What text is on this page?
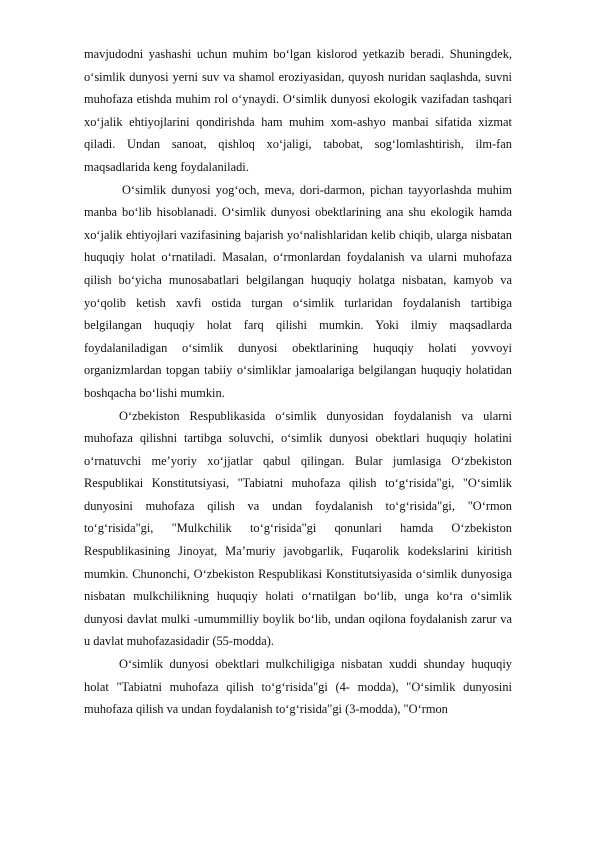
mavjudodni yashashi uchun muhim bo‘lgan kislorod yetkazib beradi. Shuningdek, o‘simlik dunyosi yerni suv va shamol eroziyasidan, quyosh nuridan saqlashda, suvni muhofaza etishda muhim rol o‘ynaydi. O‘simlik dunyosi ekologik vazifadan tashqari xo‘jalik ehtiyojlarini qondirishda ham muhim xom-ashyo manbai sifatida xizmat qiladi. Undan sanoat, qishloq xo‘jaligi, tabobat, sog‘lomlashtirish, ilm-fan maqsadlarida keng foydalaniladi.

O‘simlik dunyosi yog‘och, meva, dori-darmon, pichan tayyorlashda muhim manba bo‘lib hisoblanadi. O‘simlik dunyosi obektlarining ana shu ekologik hamda xo‘jalik ehtiyojlari vazifasining bajarish yo‘nalishlaridan kelib chiqib, ularga nisbatan huquqiy holat o‘rnatiladi. Masalan, o‘rmonlardan foydalanish va ularni muhofaza qilish bo‘yicha munosabatlari belgilangan huquqiy holatga nisbatan, kamyob va yo‘qolib ketish xavfi ostida turgan o‘simlik turlaridan foydalanish tartibiga belgilangan huquqiy holat farq qilishi mumkin. Yoki ilmiy maqsadlarda foydalaniladigan o‘simlik dunyosi obektlarining huquqiy holati yovvoyi organizmlardan topgan tabiiy o‘simliklar jamoalariga belgilangan huquqiy holatidan boshqacha bo‘lishi mumkin.

O‘zbekiston Respublikasida o‘simlik dunyosidan foydalanish va ularni muhofaza qilishni tartibga soluvchi, o‘simlik dunyosi obektlari huquqiy holatini o‘rnatuvchi me’yoriy xo‘jjatlar qabul qilingan. Bular jumlasiga O‘zbekiston Respublikai Konstitutsiyasi, "Tabiatni muhofaza qilish to‘g‘risida"gi, "O‘simlik dunyosini muhofaza qilish va undan foydalanish to‘g‘risida"gi, "O‘rmon to‘g‘risida"gi, "Mulkchilik to‘g‘risida"gi qonunlari hamda O‘zbekiston Respublikasining Jinoyat, Ma’muriy javobgarlik, Fuqarolik kodekslarini kiritish mumkin. Chunonchi, O‘zbekiston Respublikasi Konstitutsiyasida o‘simlik dunyosiga nisbatan mulkchilikning huquqiy holati o‘rnatilgan bo‘lib, unga ko‘ra o‘simlik dunyosi davlat mulki -umummilliy boylik bo‘lib, undan oqilona foydalanish zarur va u davlat muhofazasidadir (55-modda).

O‘simlik dunyosi obektlari mulkchiligiga nisbatan xuddi shunday huquqiy holat "Tabiatni muhofaza qilish to‘g‘risida"gi (4- modda), "O‘simlik dunyosini muhofaza qilish va undan foydalanish to‘g‘risida"gi (3-modda), "O‘rmon
